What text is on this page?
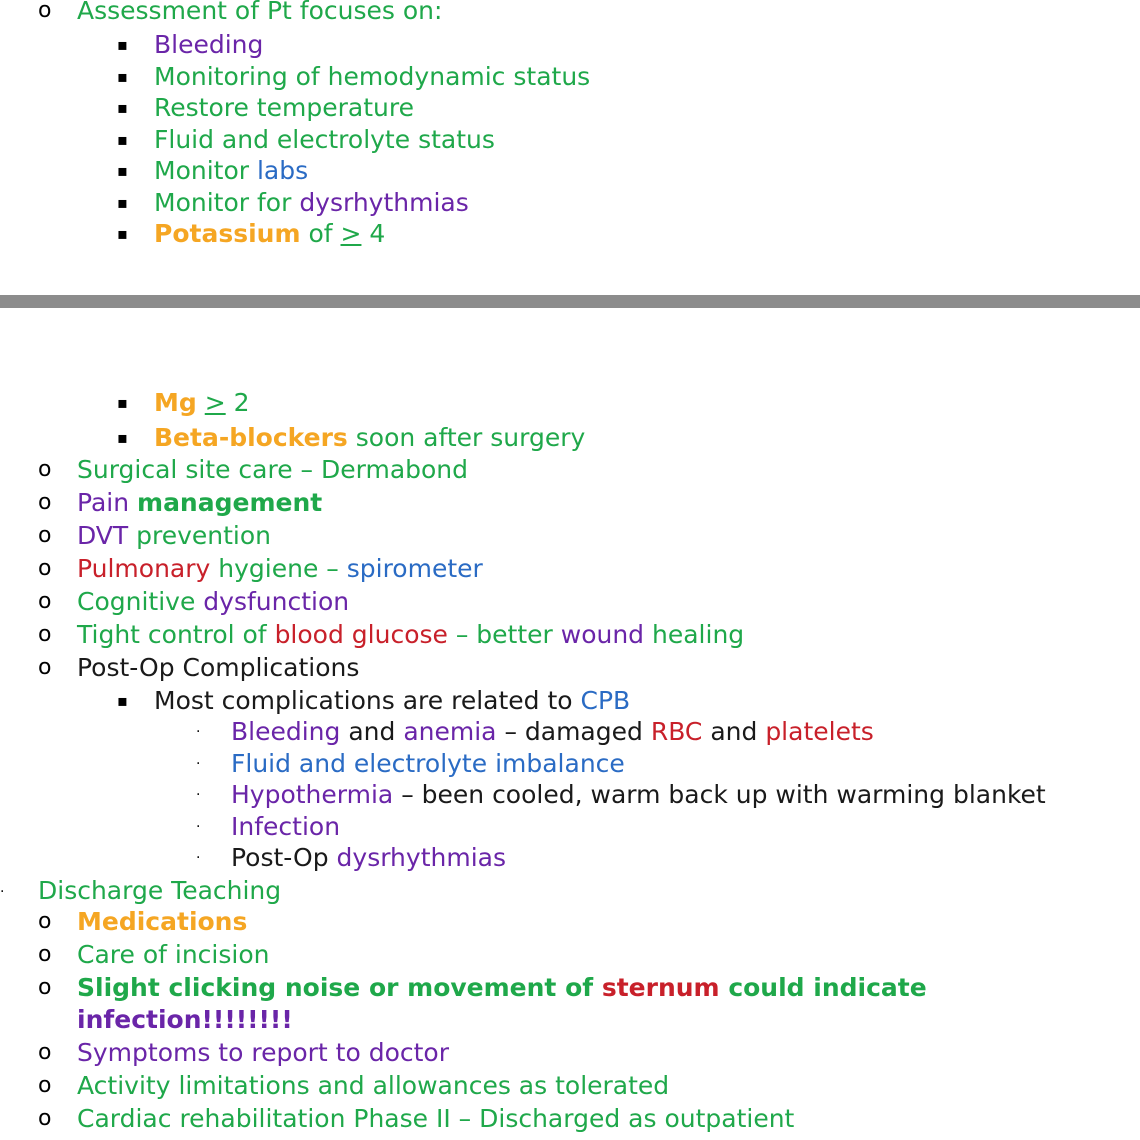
o Assessment of Pt focuses on:
▪ Most complications are related to CPB
· Discharge Teaching
▪ Bleeding
▪ Monitoring of hemodynamic status
▪ Restore temperature
▪ Fluid and electrolyte status
▪ Monitor labs
▪ Monitor for dysrhythmias
▪ Potassium of > 4
▪ Mg > 2
▪ Beta-blockers soon after surgery
o Surgical site care – Dermabond
o Pain management
o DVT prevention
o Pulmonary hygiene – spirometer
o Cognitive dysfunction
o Tight control of blood glucose – better wound healing
o Post-Op Complications
· Bleeding and anemia – damaged RBC and platelets
· Fluid and electrolyte imbalance
· Hypothermia – been cooled, warm back up with warming blanket
· Infection
· Post-Op dysrhythmias
o Medications
o Care of incision
o Slight clicking noise or movement of sternum could indicate
infection!!!!!!!!
o Symptoms to report to doctor
o Activity limitations and allowances as tolerated
o Cardiac rehabilitation Phase II – Discharged as outpatient
